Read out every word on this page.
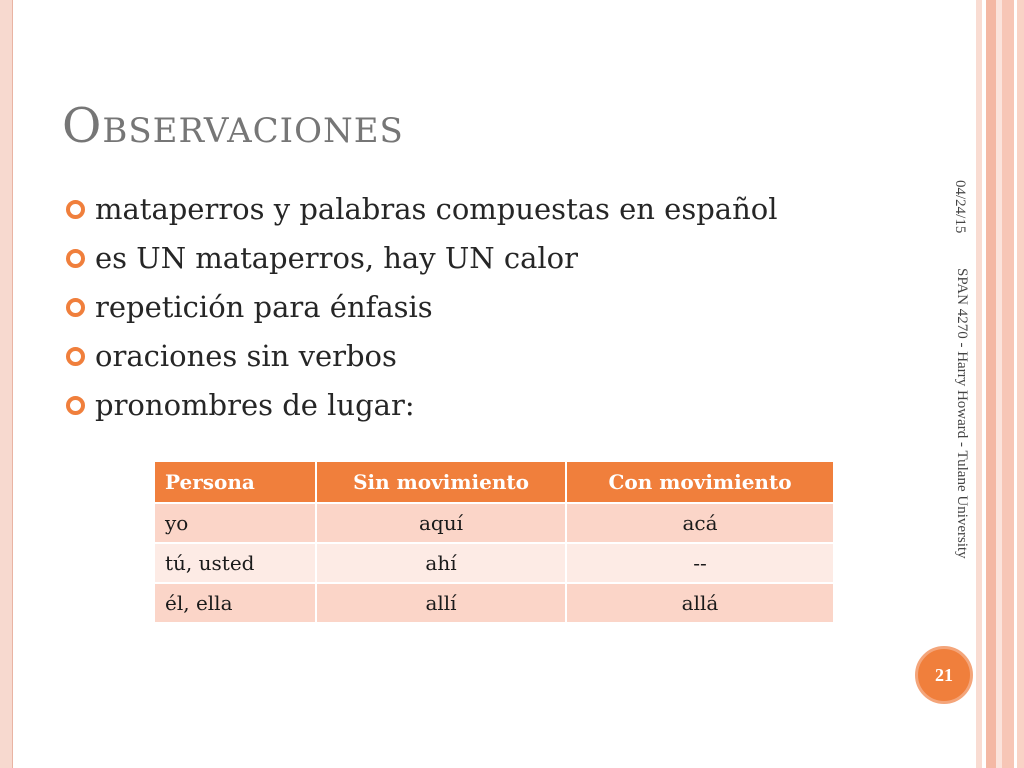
Observaciones
mataperros y palabras compuestas en español
es UN mataperros, hay UN calor
repetición para énfasis
oraciones sin verbos
pronombres de lugar:
Persona	Sin movimiento	Con movimiento
yo	aquí	acá
tú, usted	ahí	--
él, ella	allí	allá
04/24/15
SPAN 4270 - Harry Howard - Tulane University
21
